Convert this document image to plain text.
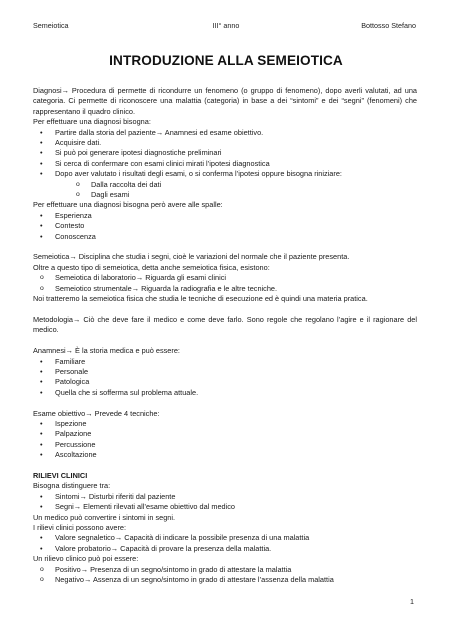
Semeiotica	III° anno	Bottosso Stefano
INTRODUZIONE ALLA SEMEIOTICA
Diagnosi→ Procedura di permette di ricondurre un fenomeno (o gruppo di fenomeno), dopo averli valutati, ad una categoria. Ci permette di riconoscere una malattia (categoria) in base a dei “sintomi” e dei “segni” (fenomeni) che rappresentano il quadro clinico.
Per effettuare una diagnosi bisogna:
• Partire dalla storia del paziente→ Anamnesi ed esame obiettivo.
• Acquisire dati.
• Si può poi generare ipotesi diagnostiche preliminari
• Si cerca di confermare con esami clinici mirati l’ipotesi diagnostica
• Dopo aver valutato i risultati degli esami, o si conferma l’ipotesi oppure bisogna riniziare:
o Dalla raccolta dei dati
o Dagli esami
Per effettuare una diagnosi bisogna però avere alle spalle:
• Esperienza
• Contesto
• Conoscenza
Semeiotica→ Disciplina che studia i segni, cioè le variazioni del normale che il paziente presenta.
Oltre a questo tipo di semeiotica, detta anche semeiotica fisica, esistono:
o Semeiotica di laboratorio→ Riguarda gli esami clinici
o Semeiotico strumentale→ Riguarda la radiografia e le altre tecniche.
Noi tratteremo la semeiotica fisica che studia le tecniche di esecuzione ed è quindi una materia pratica.
Metodologia→ Ciò che deve fare il medico e come deve farlo. Sono regole che regolano l’agire e il ragionare del medico.
Anamnesi→ È la storia medica e può essere:
• Familiare
• Personale
• Patologica
• Quella che si sofferma sul problema attuale.
Esame obiettivo→ Prevede 4 tecniche:
• Ispezione
• Palpazione
• Percussione
• Ascoltazione
RILIEVI CLINICI
Bisogna distinguere tra:
• Sintomi→ Disturbi riferiti dal paziente
• Segni→ Elementi rilevati all’esame obiettivo dal medico
Un medico può convertire i sintomi in segni.
I rilievi clinici possono avere:
• Valore segnaletico→ Capacità di indicare la possibile presenza di una malattia
• Valore probatorio→ Capacità di provare la presenza della malattia.
Un rilievo clinico può poi essere:
o Positivo→ Presenza di un segno/sintomo in grado di attestare la malattia
o Negativo→ Assenza di un segno/sintomo in grado di attestare l’assenza della malattia
1
